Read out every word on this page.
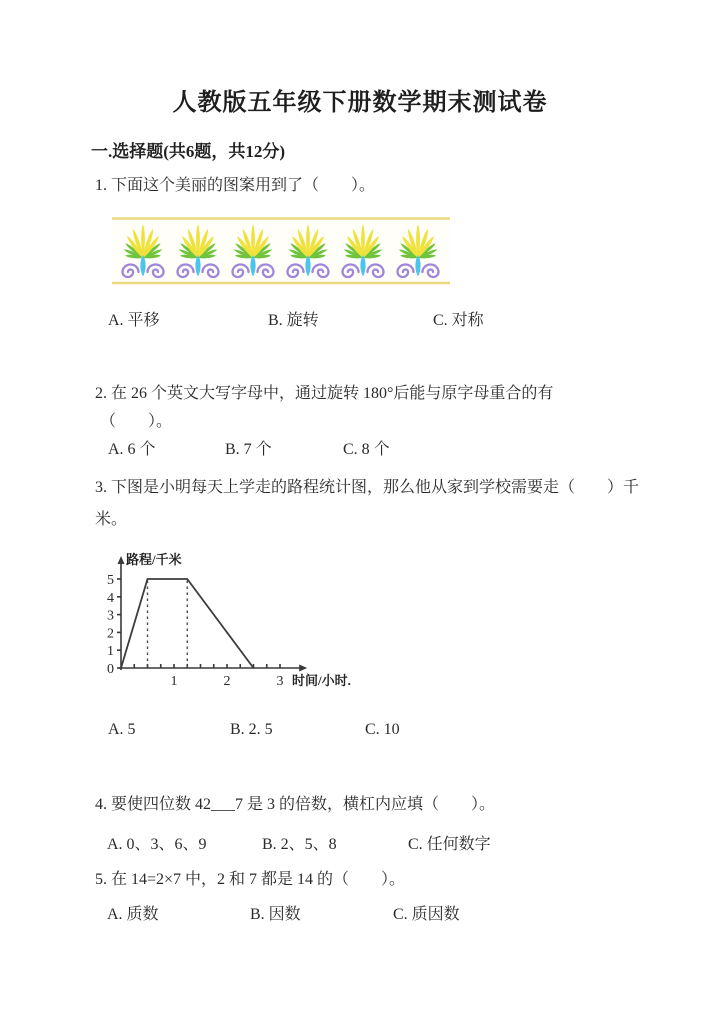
人教版五年级下册数学期末测试卷
一.选择题(共6题，共12分)
1. 下面这个美丽的图案用到了（　　）。
A. 平移	B. 旋转	C. 对称
2. 在 26 个英文大写字母中，通过旋转 180°后能与原字母重合的有
（　　）。
A. 6 个	B. 7 个	C. 8 个
3. 下图是小明每天上学走的路程统计图，那么他从家到学校需要走（　　）千
米。
0
1
2
3
4
5
1	2	3
路程/千米
时间/小时.
A. 5	B. 2. 5	C. 10
4. 要使四位数 42___7 是 3 的倍数，横杠内应填（　　）。
A. 0、3、6、9	B. 2、5、8	C. 任何数字
5. 在 14=2×7 中，2 和 7 都是 14 的（　　）。
A. 质数	B. 因数	C. 质因数
